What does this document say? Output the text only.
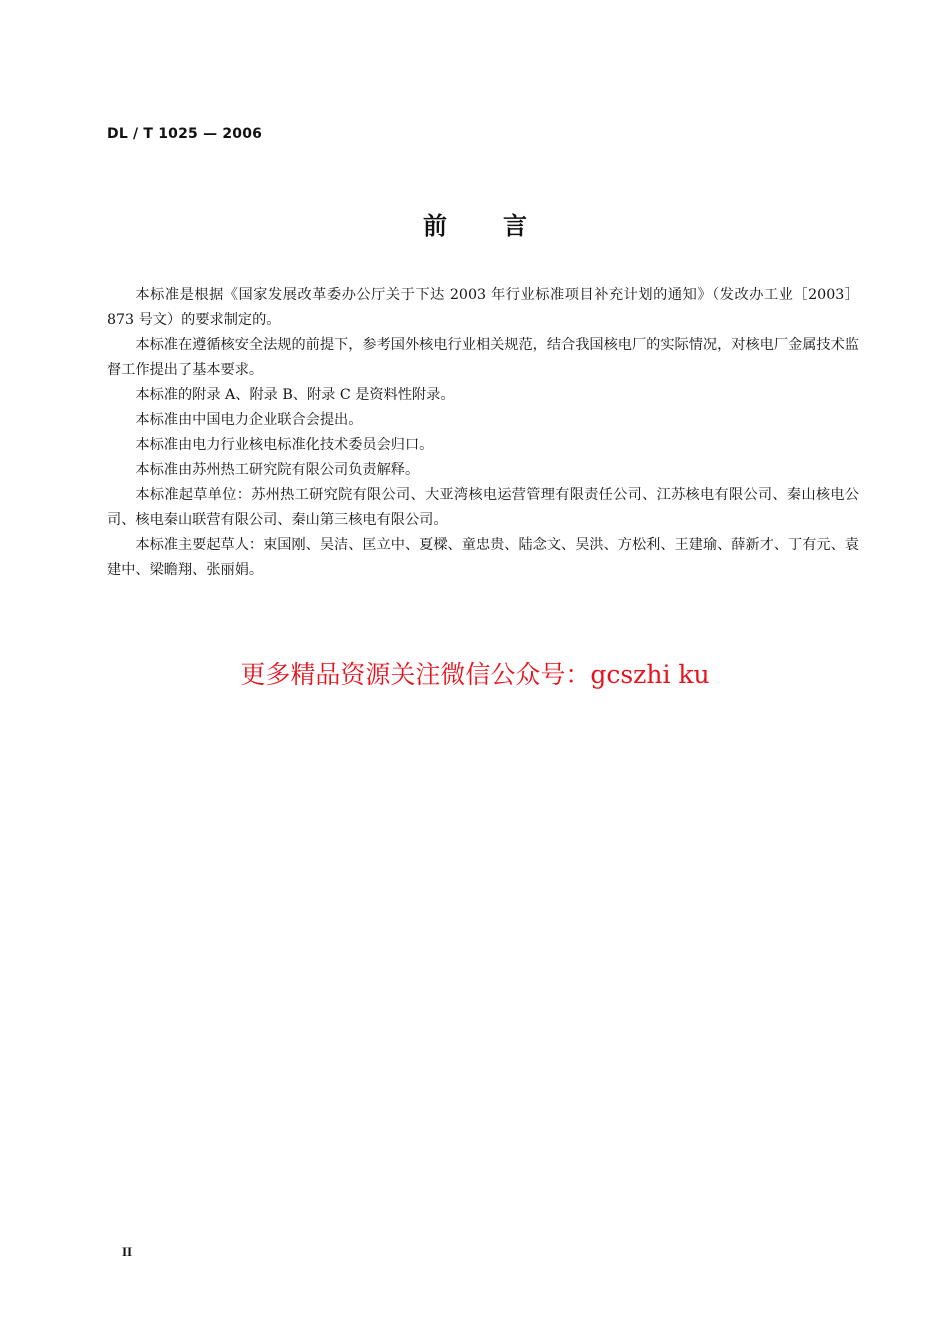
DL / T 1025 — 2006
前言

本标准是根据《国家发展改革委办公厅关于下达 2003 年行业标准项目补充计划的通知》（发改办工业［2003］873 号文）的要求制定的。

本标准在遵循核安全法规的前提下，参考国外核电行业相关规范，结合我国核电厂的实际情况，对核电厂金属技术监督工作提出了基本要求。

本标准的附录 A、附录 B、附录 C 是资料性附录。

本标准由中国电力企业联合会提出。

本标准由电力行业核电标准化技术委员会归口。

本标准由苏州热工研究院有限公司负责解释。

本标准起草单位：苏州热工研究院有限公司、大亚湾核电运营管理有限责任公司、江苏核电有限公司、秦山核电公司、核电秦山联营有限公司、秦山第三核电有限公司。

本标准主要起草人：束国刚、吴洁、匡立中、夏樑、童忠贵、陆念文、吴洪、方松利、王建瑜、薛新才、丁有元、袁建中、梁瞻翔、张丽娟。

更多精品资源关注微信公众号：gcszhi ku
II
